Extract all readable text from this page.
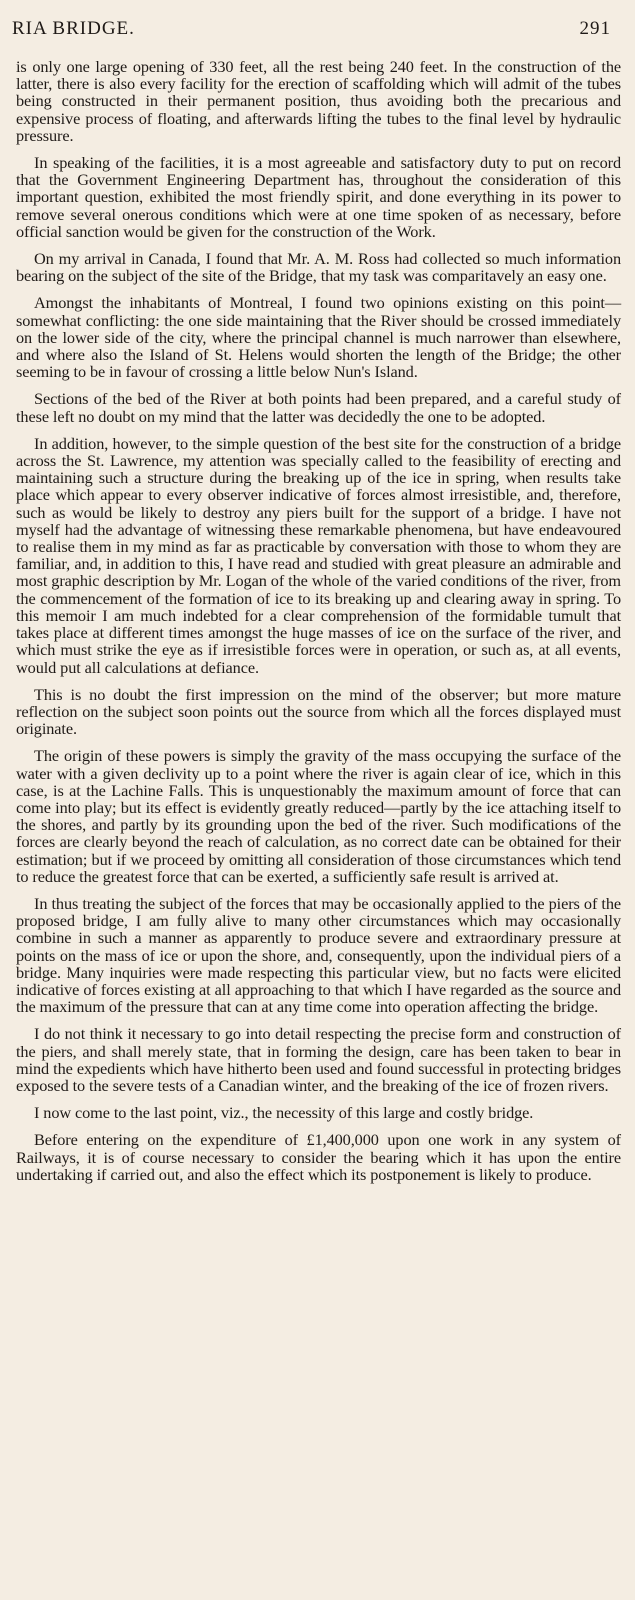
RIA BRIDGE.	291

is only one large opening of 330 feet, all the rest being 240 feet. In the construction of the latter, there is also every facility for the erection of scaffolding which will admit of the tubes being constructed in their permanent position, thus avoiding both the precarious and expensive process of floating, and afterwards lifting the tubes to the final level by hydraulic pressure.

In speaking of the facilities, it is a most agreeable and satisfactory duty to put on record that the Government Engineering Department has, throughout the consideration of this important question, exhibited the most friendly spirit, and done everything in its power to remove several onerous conditions which were at one time spoken of as necessary, before official sanction would be given for the construction of the Work.

On my arrival in Canada, I found that Mr. A. M. Ross had collected so much information bearing on the subject of the site of the Bridge, that my task was comparitavely an easy one.

Amongst the inhabitants of Montreal, I found two opinions existing on this point—somewhat conflicting: the one side maintaining that the River should be crossed immediately on the lower side of the city, where the principal channel is much narrower than elsewhere, and where also the Island of St. Helens would shorten the length of the Bridge; the other seeming to be in favour of crossing a little below Nun's Island.

Sections of the bed of the River at both points had been prepared, and a careful study of these left no doubt on my mind that the latter was decidedly the one to be adopted.

In addition, however, to the simple question of the best site for the construction of a bridge across the St. Lawrence, my attention was specially called to the feasibility of erecting and maintaining such a structure during the breaking up of the ice in spring, when results take place which appear to every observer indicative of forces almost irresistible, and, therefore, such as would be likely to destroy any piers built for the support of a bridge. I have not myself had the advantage of witnessing these remarkable phenomena, but have endeavoured to realise them in my mind as far as practicable by conversation with those to whom they are familiar, and, in addition to this, I have read and studied with great pleasure an admirable and most graphic description by Mr. Logan of the whole of the varied conditions of the river, from the commencement of the formation of ice to its breaking up and clearing away in spring. To this memoir I am much indebted for a clear comprehension of the formidable tumult that takes place at different times amongst the huge masses of ice on the surface of the river, and which must strike the eye as if irresistible forces were in operation, or such as, at all events, would put all calculations at defiance.

This is no doubt the first impression on the mind of the observer; but more mature reflection on the subject soon points out the source from which all the forces displayed must originate.

The origin of these powers is simply the gravity of the mass occupying the surface of the water with a given declivity up to a point where the river is again clear of ice, which in this case, is at the Lachine Falls. This is unquestionably the maximum amount of force that can come into play; but its effect is evidently greatly reduced—partly by the ice attaching itself to the shores, and partly by its grounding upon the bed of the river. Such modifications of the forces are clearly beyond the reach of calculation, as no correct date can be obtained for their estimation; but if we proceed by omitting all consideration of those circumstances which tend to reduce the greatest force that can be exerted, a sufficiently safe result is arrived at.

In thus treating the subject of the forces that may be occasionally applied to the piers of the proposed bridge, I am fully alive to many other circumstances which may occasionally combine in such a manner as apparently to produce severe and extraordinary pressure at points on the mass of ice or upon the shore, and, consequently, upon the individual piers of a bridge. Many inquiries were made respecting this particular view, but no facts were elicited indicative of forces existing at all approaching to that which I have regarded as the source and the maximum of the pressure that can at any time come into operation affecting the bridge.

I do not think it necessary to go into detail respecting the precise form and construction of the piers, and shall merely state, that in forming the design, care has been taken to bear in mind the expedients which have hitherto been used and found successful in protecting bridges exposed to the severe tests of a Canadian winter, and the breaking of the ice of frozen rivers.

I now come to the last point, viz., the necessity of this large and costly bridge.

Before entering on the expenditure of £1,400,000 upon one work in any system of Railways, it is of course necessary to consider the bearing which it has upon the entire undertaking if carried out, and also the effect which its postponement is likely to produce.
